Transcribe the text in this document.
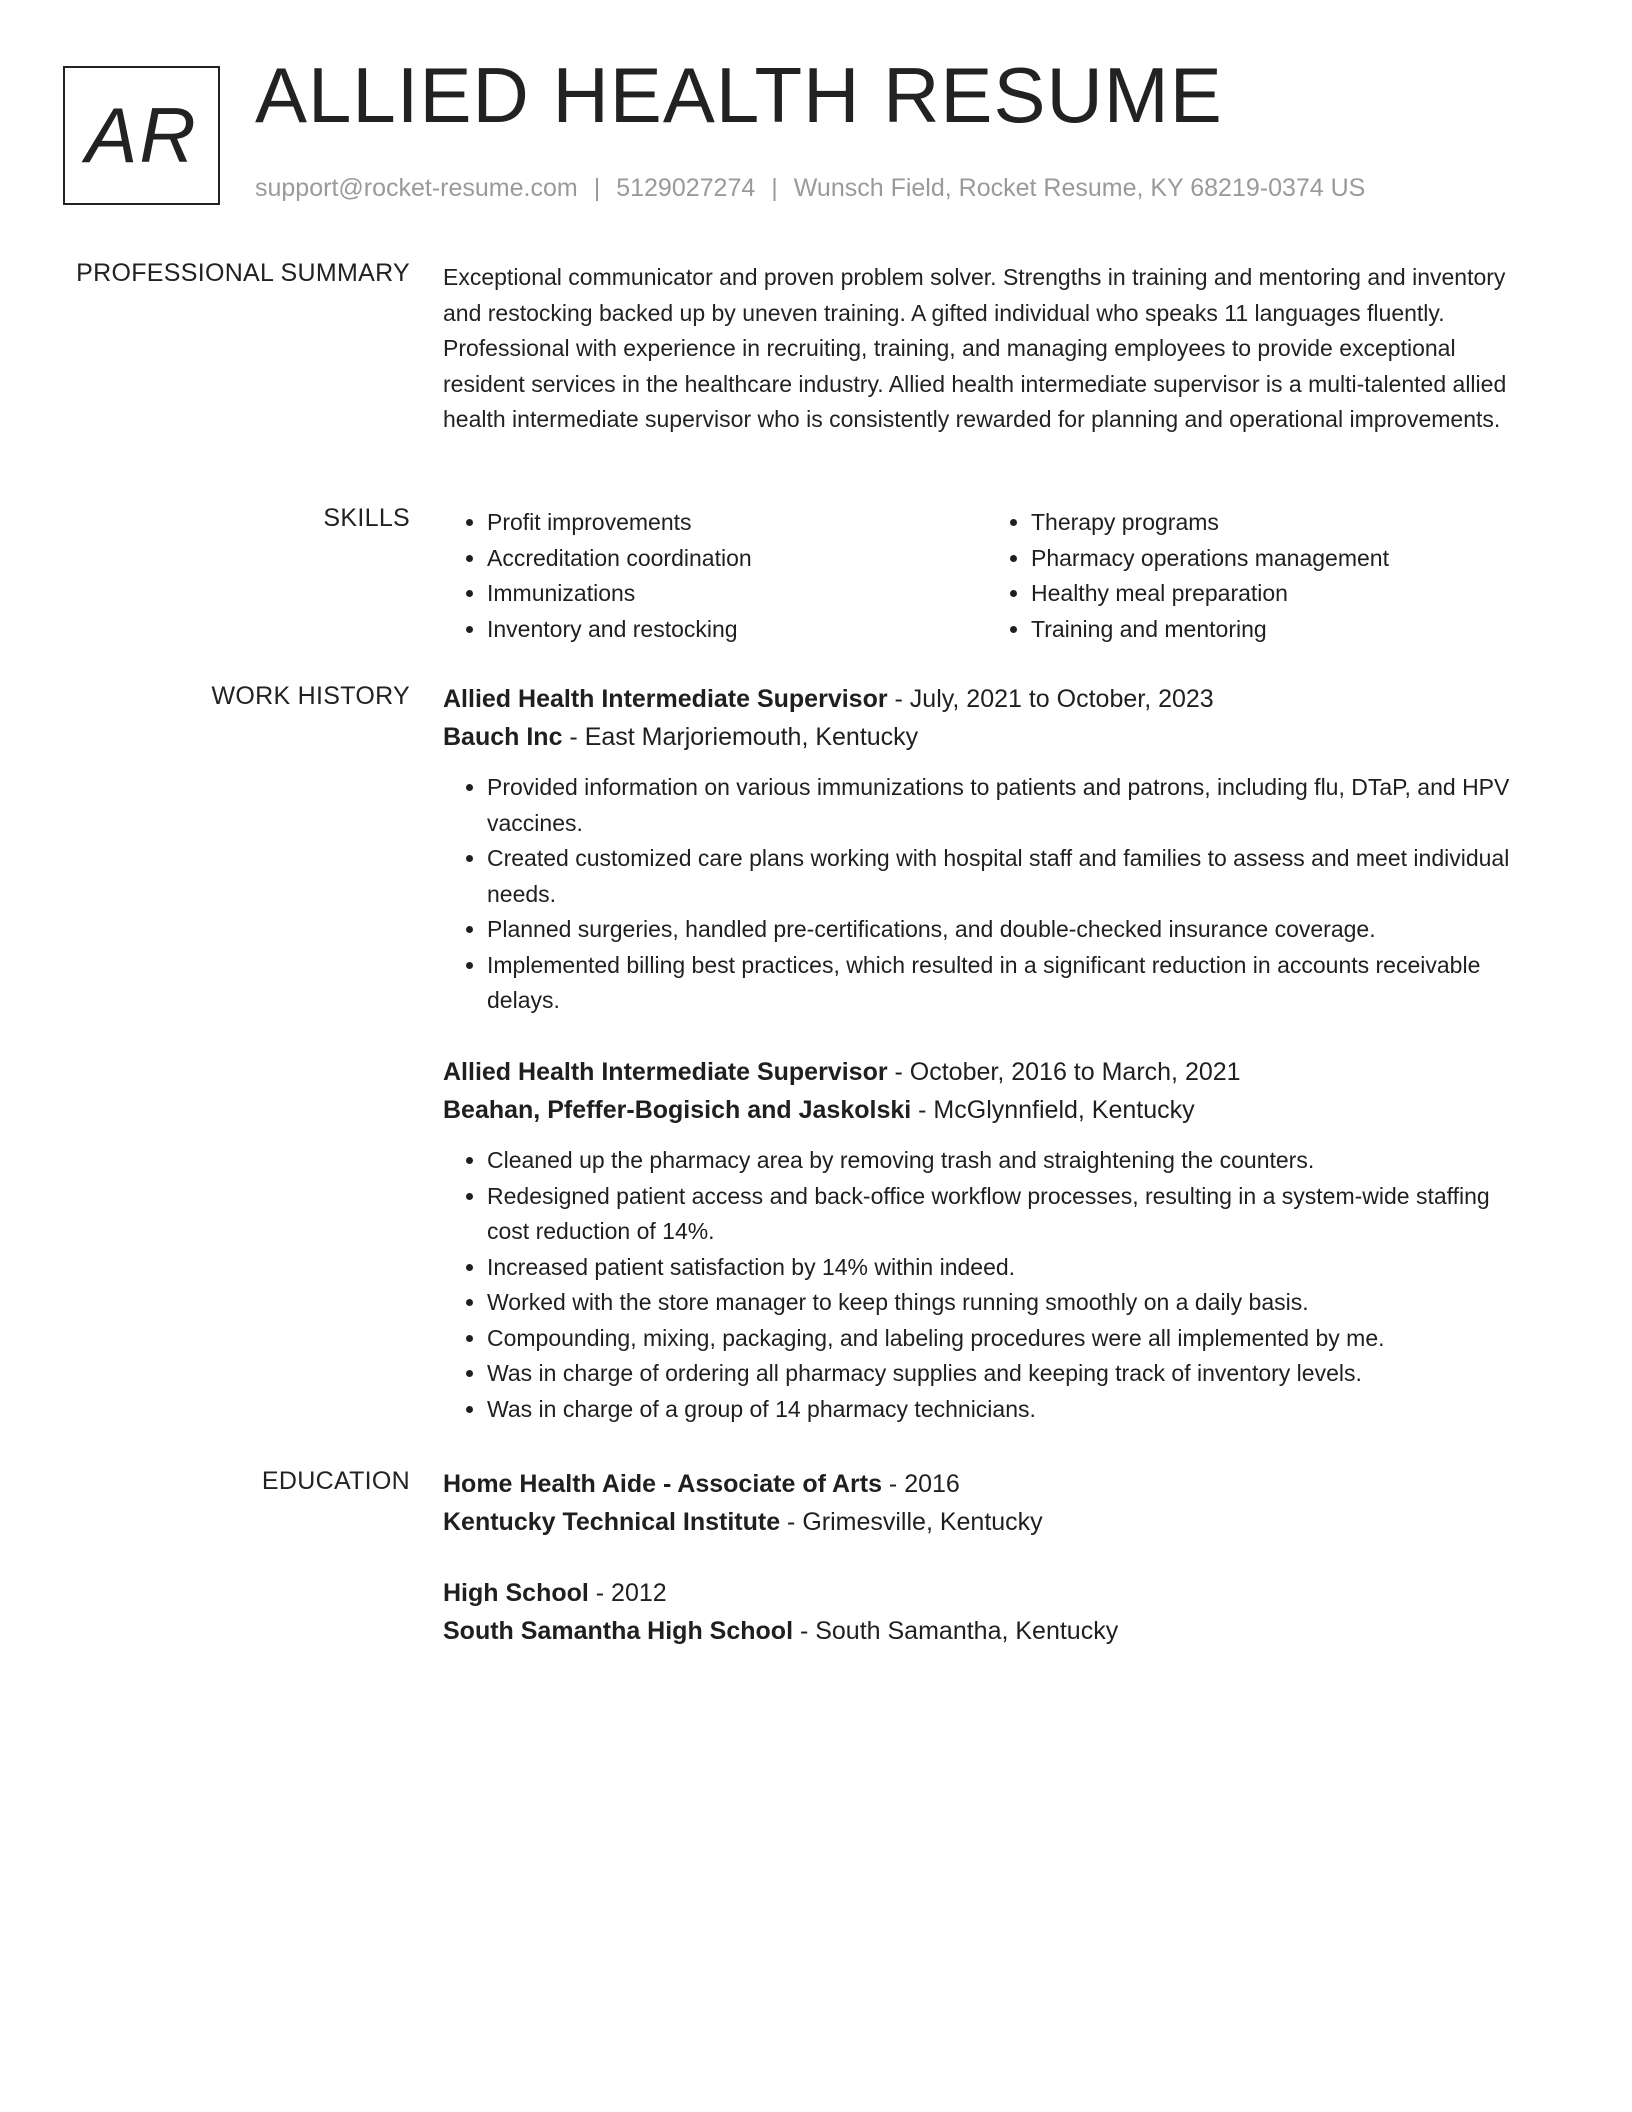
AR ALLIED HEALTH RESUME
support@rocket-resume.com | 5129027274 | Wunsch Field, Rocket Resume, KY 68219-0374 US
PROFESSIONAL SUMMARY Exceptional communicator and proven problem solver. Strengths in training and mentoring and inventory and restocking backed up by uneven training. A gifted individual who speaks 11 languages fluently. Professional with experience in recruiting, training, and managing employees to provide exceptional resident services in the healthcare industry. Allied health intermediate supervisor is a multi-talented allied health intermediate supervisor who is consistently rewarded for planning and operational improvements.

SKILLS
•	Profit improvements
• Accreditation coordination
• Immunizations
• Inventory and restocking
• Therapy programs
• Pharmacy operations management
• Healthy meal preparation
• Training and mentoring
WORK HISTORY Allied Health Intermediate Supervisor - July, 2021 to October, 2023
Bauch Inc - East Marjoriemouth, Kentucky
• Provided information on various immunizations to patients and patrons, including flu, DTaP, and HPV vaccines.
• Created customized care plans working with hospital staff and families to assess and meet individual needs.
• Planned surgeries, handled pre-certifications, and double-checked insurance coverage.
• Implemented billing best practices, which resulted in a significant reduction in accounts receivable delays.
Allied Health Intermediate Supervisor - October, 2016 to March, 2021
Beahan, Pfeffer-Bogisich and Jaskolski - McGlynnfield, Kentucky
• Cleaned up the pharmacy area by removing trash and straightening the counters.
• Redesigned patient access and back-office workflow processes, resulting in a system-wide staffing cost reduction of 14%.
• Increased patient satisfaction by 14% within indeed.
• Worked with the store manager to keep things running smoothly on a daily basis.
• Compounding, mixing, packaging, and labeling procedures were all implemented by me.
• Was in charge of ordering all pharmacy supplies and keeping track of inventory levels.
• Was in charge of a group of 14 pharmacy technicians.
EDUCATION Home Health Aide - Associate of Arts - 2016
Kentucky Technical Institute - Grimesville, Kentucky
High School - 2012
South Samantha High School - South Samantha, Kentucky
